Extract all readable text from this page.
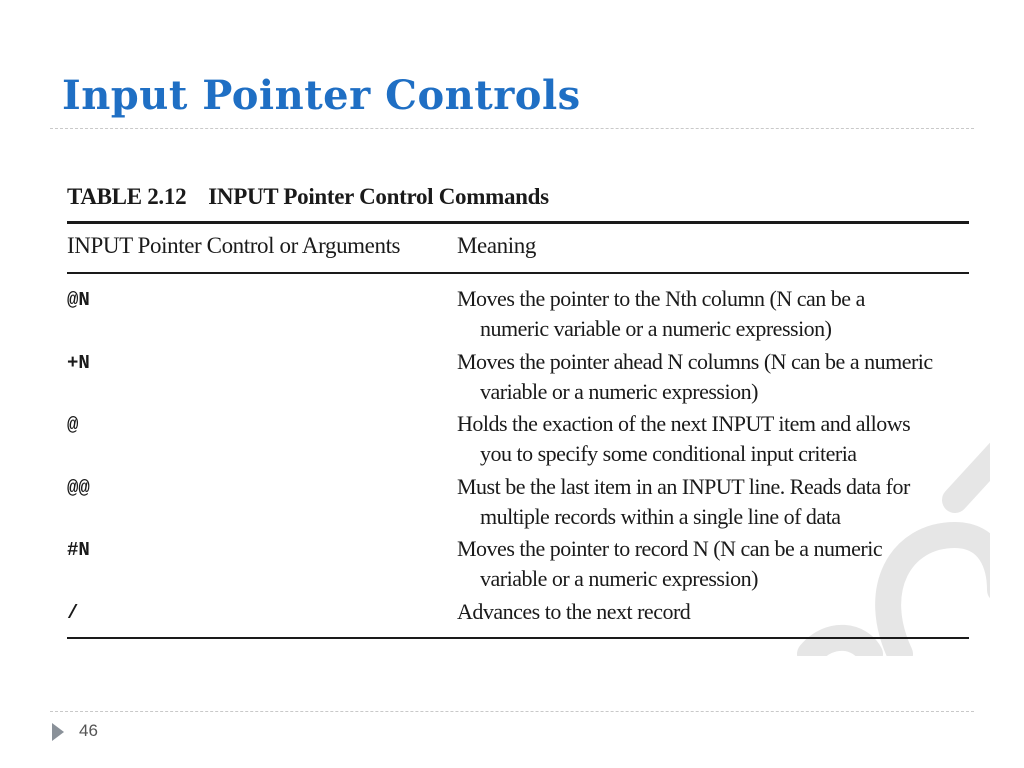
Input Pointer Controls
TABLE 2.12 INPUT Pointer Control Commands
INPUT Pointer Control or Arguments Meaning
@N	Moves the pointer to the Nth column (N can be a
numeric variable or a numeric expression)
+N	Moves the pointer ahead N columns (N can be a numeric
variable or a numeric expression)
@	Holds the exaction of the next INPUT item and allows
you to specify some conditional input criteria
@@	Must be the last item in an INPUT line. Reads data for
multiple records within a single line of data
#N	Moves the pointer to record N (N can be a numeric
variable or a numeric expression)
/	Advances to the next record
46
